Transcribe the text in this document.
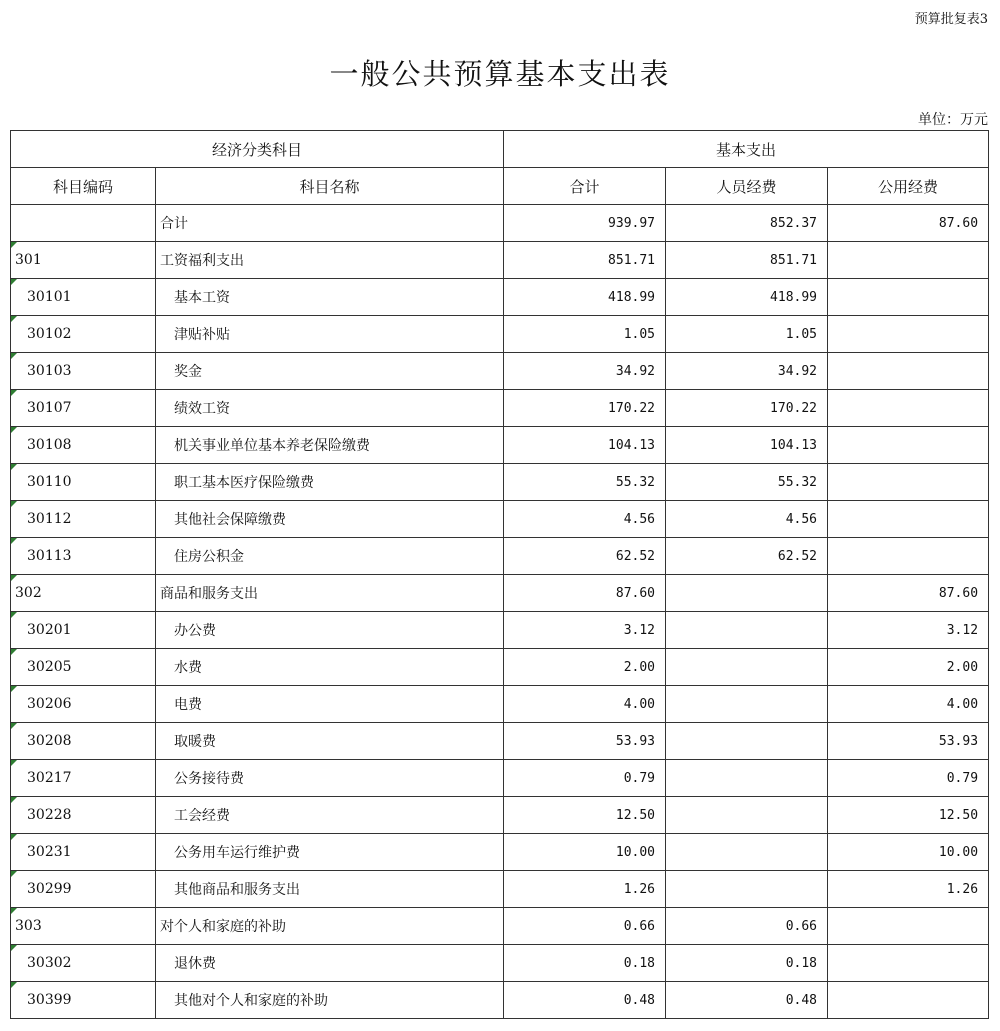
预算批复表3
一般公共预算基本支出表
单位：万元
经济分类科目		基本支出		
科目编码	科目名称	合计	人员经费	公用经费
	合计	939.97	852.37	87.60
301	工资福利支出	851.71	851.71	
30101	基本工资	418.99	418.99	
30102	津贴补贴	1.05	1.05	
30103	奖金	34.92	34.92	
30107	绩效工资	170.22	170.22	
30108	机关事业单位基本养老保险缴费	104.13	104.13	
30110	职工基本医疗保险缴费	55.32	55.32	
30112	其他社会保障缴费	4.56	4.56	
30113	住房公积金	62.52	62.52	
302	商品和服务支出	87.60		87.60
30201	办公费	3.12		3.12
30205	水费	2.00		2.00
30206	电费	4.00		4.00
30208	取暖费	53.93		53.93
30217	公务接待费	0.79		0.79
30228	工会经费	12.50		12.50
30231	公务用车运行维护费	10.00		10.00
30299	其他商品和服务支出	1.26		1.26
303	对个人和家庭的补助	0.66	0.66	
30302	退休费	0.18	0.18	
30399	其他对个人和家庭的补助	0.48	0.48	
